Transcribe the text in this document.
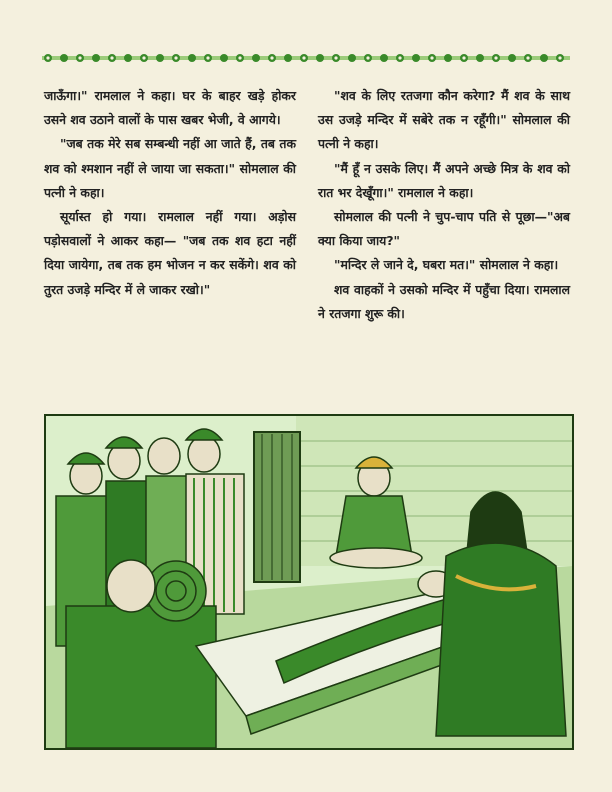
जाऊँगा।" रामलाल ने कहा। घर के बाहर खड़े होकर उसने शव उठाने वालों के पास खबर भेजी, वे आगये।

"जब तक मेरे सब सम्बन्धी नहीं आ जाते हैं, तब तक शव को श्मशान नहीं ले जाया जा सकता।" सोमलाल की पत्नी ने कहा।

सूर्यास्त हो गया। रामलाल नहीं गया। अड़ोस पड़ोसवालों ने आकर कहा— "जब तक शव हटा नहीं दिया जायेगा, तब तक हम भोजन न कर सकेंगे। शव को तुरत उजड़े मन्दिर में ले जाकर रखो।"

"शव के लिए रतजगा कौन करेगा? मैं शव के साथ उस उजड़े मन्दिर में सबेरे तक न रहूँगी।" सोमलाल की पत्नी ने कहा।

"मैं हूँ न उसके लिए। मैं अपने अच्छे मित्र के शव को रात भर देखूँगा।" रामलाल ने कहा।

सोमलाल की पत्नी ने चुप-चाप पति से पूछा—"अब क्या किया जाय?"

"मन्दिर ले जाने दे, घबरा मत।" सोमलाल ने कहा।

शव वाहकों ने उसको मन्दिर में पहुँचा दिया। रामलाल ने रतजगा शुरू की।
